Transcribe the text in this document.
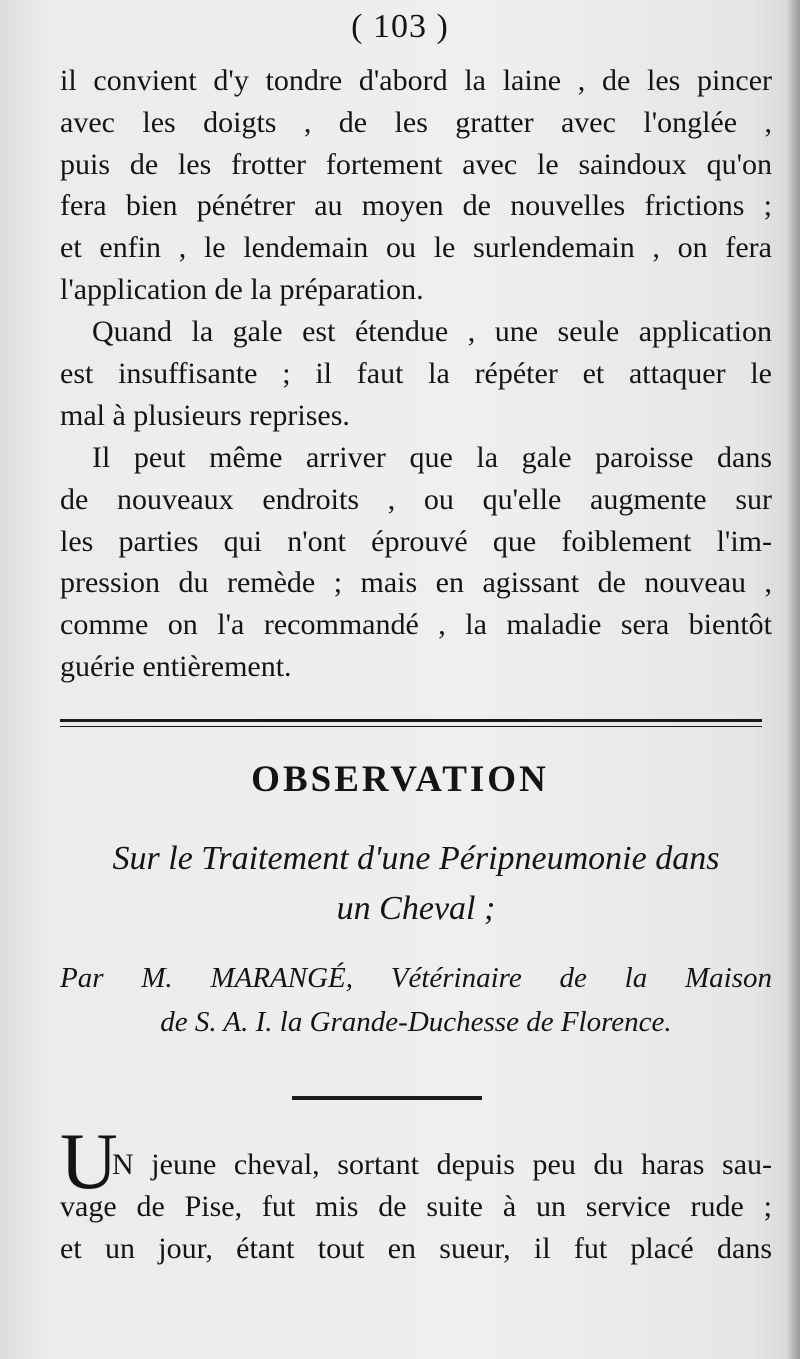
( 103 )
il convient d'y tondre d'abord la laine , de les pincer
avec les doigts , de les gratter avec l'onglée ,
puis de les frotter fortement avec le saindoux qu'on
fera bien pénétrer au moyen de nouvelles frictions ;
et enfin , le lendemain ou le surlendemain , on fera
l'application de la préparation.
Quand la gale est étendue , une seule application
est insuffisante ; il faut la répéter et attaquer le
mal à plusieurs reprises.
Il peut même arriver que la gale paroisse dans
de nouveaux endroits , ou qu'elle augmente sur
les parties qui n'ont éprouvé que foiblement l'im-
pression du remède ; mais en agissant de nouveau ,
comme on l'a recommandé , la maladie sera bientôt
guérie entièrement.
OBSERVATION
Sur le Traitement d'une Péripneumonie dans
un Cheval ;
Par M. MARANGÉ, Vétérinaire de la Maison
de S. A. I. la Grande-Duchesse de Florence.
U
N jeune cheval, sortant depuis peu du haras sau-
vage de Pise, fut mis de suite à un service rude ;
et un jour, étant tout en sueur, il fut placé dans
